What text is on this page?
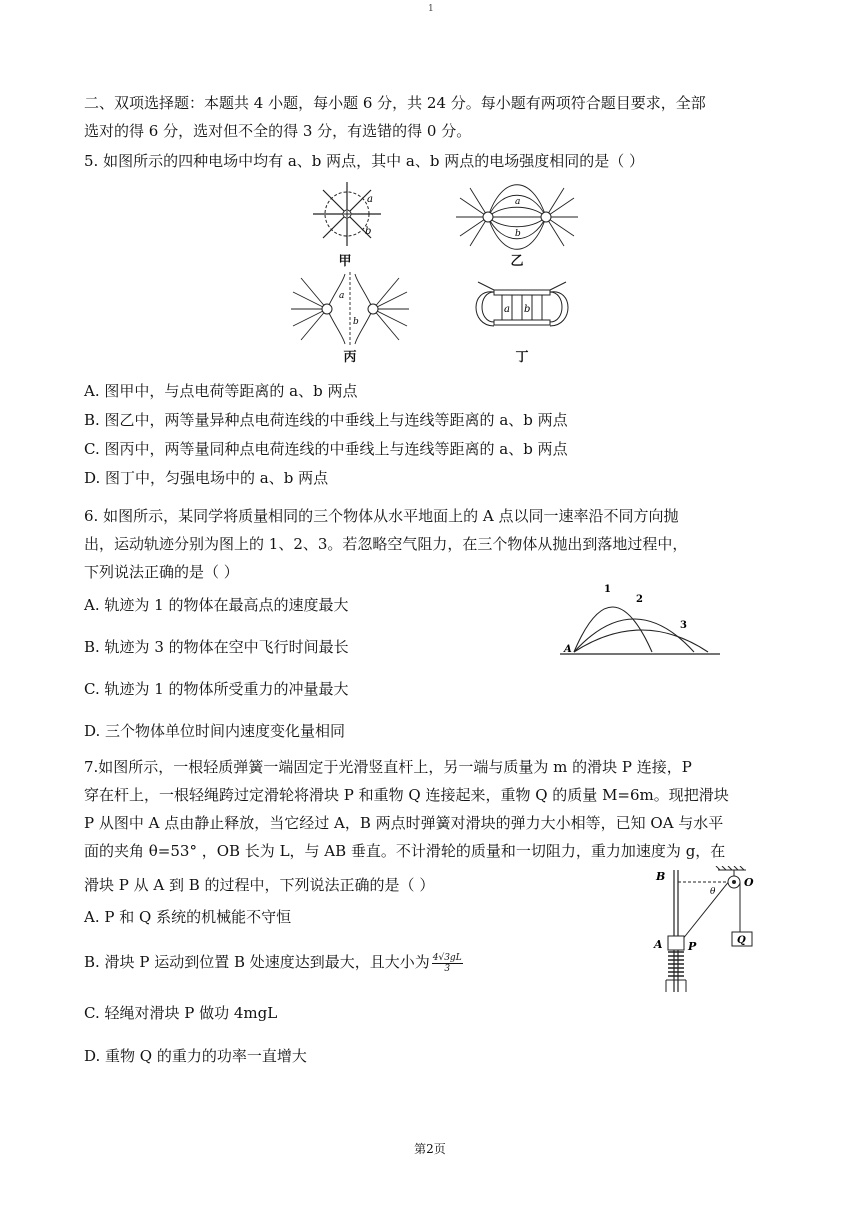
1
二、双项选择题：本题共 4 小题，每小题 6 分，共 24 分。每小题有两项符合题目要求，全部
选对的得 6 分，选对但不全的得 3 分，有选错的得 0 分。
5. 如图所示的四种电场中均有 a、b 两点，其中 a、b 两点的电场强度相同的是（ ）
a
b
甲
a
b
乙
a
b
丙
a b
丁
A. 图甲中，与点电荷等距离的 a、b 两点
B. 图乙中，两等量异种点电荷连线的中垂线上与连线等距离的 a、b 两点
C. 图丙中，两等量同种点电荷连线的中垂线上与连线等距离的 a、b 两点
D. 图丁中，匀强电场中的 a、b 两点
6. 如图所示，某同学将质量相同的三个物体从水平地面上的 A 点以同一速率沿不同方向抛
出，运动轨迹分别为图上的 1、2、3。若忽略空气阻力，在三个物体从抛出到落地过程中，
下列说法正确的是（ ）
A
1
2
3
A. 轨迹为 1 的物体在最高点的速度最大
B. 轨迹为 3 的物体在空中飞行时间最长
C. 轨迹为 1 的物体所受重力的冲量最大
D. 三个物体单位时间内速度变化量相同
7.如图所示，一根轻质弹簧一端固定于光滑竖直杆上，另一端与质量为 m 的滑块 P 连接，P
穿在杆上，一根轻绳跨过定滑轮将滑块 P 和重物 Q 连接起来，重物 Q 的质量 M=6m。现把滑块
P 从图中 A 点由静止释放，当它经过 A，B 两点时弹簧对滑块的弹力大小相等，已知 OA 与水平
面的夹角 θ=53° ，OB 长为 L，与 AB 垂直。不计滑轮的质量和一切阻力，重力加速度为 g，在
滑块 P 从 A 到 B 的过程中，下列说法正确的是（ ）	B	O
θ
A P	Q
A. P 和 Q 系统的机械能不守恒
B. 滑块 P 运动到位置 B 处速度达到最大，且大小为 $\frac{4√3gL}{3}$
C. 轻绳对滑块 P 做功 4mgL
D. 重物 Q 的重力的功率一直增大
第2页
